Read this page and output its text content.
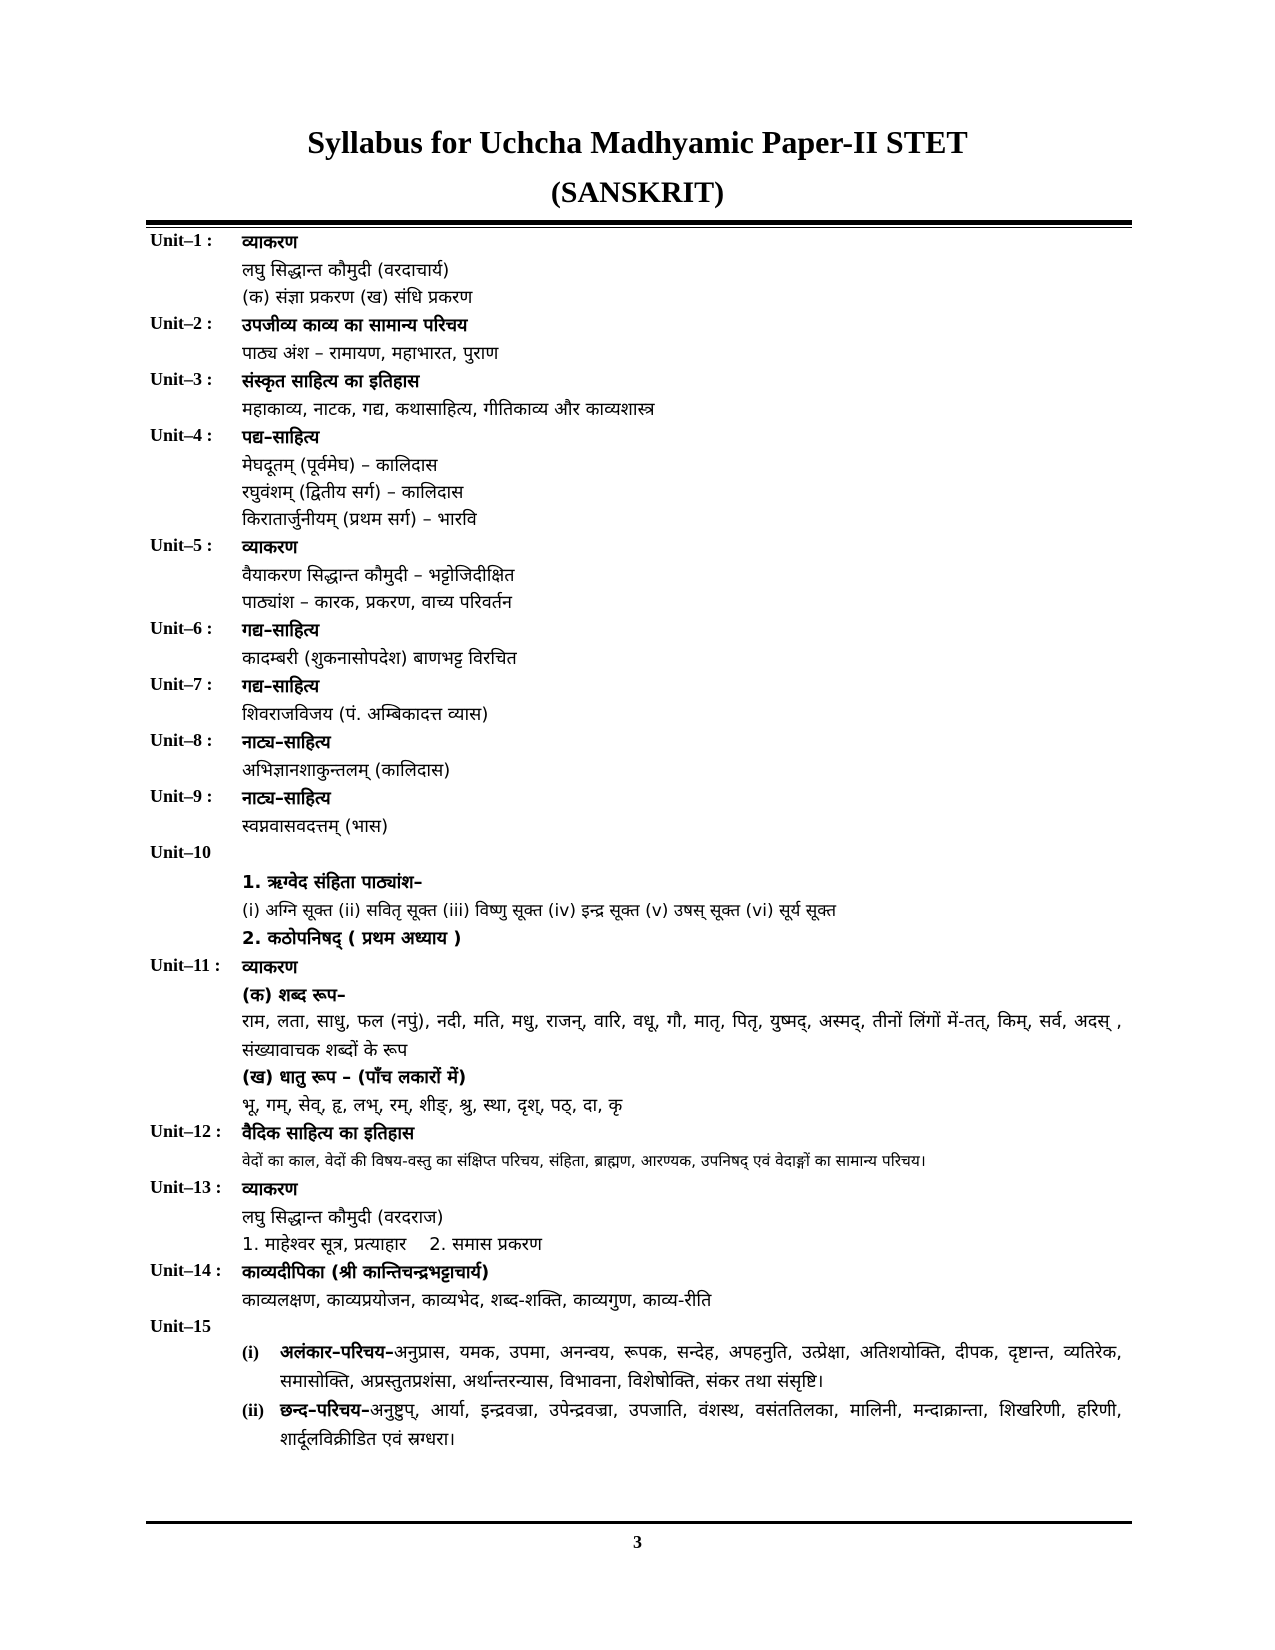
Syllabus for Uchcha Madhyamic Paper-II STET
(SANSKRIT)
Unit–1 : व्याकरण
लघु सिद्धान्त कौमुदी (वरदाचार्य)
(क) संज्ञा प्रकरण (ख) संधि प्रकरण
Unit–2 : उपजीव्य काव्य का सामान्य परिचय
पाठ्य अंश – रामायण, महाभारत, पुराण
Unit–3 : संस्कृत साहित्य का इतिहास
महाकाव्य, नाटक, गद्य, कथासाहित्य, गीतिकाव्य और काव्यशास्त्र
Unit–4 : पद्य–साहित्य
मेघदूतम् (पूर्वमेघ) – कालिदास
रघुवंशम् (द्वितीय सर्ग) – कालिदास
किरातार्जुनीयम् (प्रथम सर्ग) – भारवि
Unit–5 : व्याकरण
वैयाकरण सिद्धान्त कौमुदी – भट्टोजिदीक्षित
पाठ्यांश – कारक, प्रकरण, वाच्य परिवर्तन
Unit–6 : गद्य–साहित्य
कादम्बरी (शुकनासोपदेश) बाणभट्ट विरचित
Unit–7 : गद्य–साहित्य
शिवराजविजय (पं. अम्बिकादत्त व्यास)
Unit–8 : नाट्य–साहित्य
अभिज्ञानशाकुन्तलम् (कालिदास)
Unit–9 : नाट्य–साहित्य
स्वप्नवासवदत्तम् (भास)
Unit–10
1. ऋग्वेद संहिता पाठ्यांश–
(i) अग्नि सूक्त (ii) सवितृ सूक्त (iii) विष्णु सूक्त (iv) इन्द्र सूक्त (v) उषस् सूक्त (vi) सूर्य सूक्त
2. कठोपनिषद् ( प्रथम अध्याय )
Unit–11 : व्याकरण
(क) शब्द रूप–
राम, लता, साधु, फल (नपुं), नदी, मति, मधु, राजन्, वारि, वधू, गौ, मातृ, पितृ, युष्मद्, अस्मद्, तीनों लिंगों में-तत्, किम्, सर्व, अदस् , संख्यावाचक शब्दों के रूप
(ख) धातु रूप – (पाँच लकारों में)
भू, गम्, सेव्, हृ, लभ्, रम्, शीङ्, श्रु, स्था, दृश्, पठ्, दा, कृ
Unit–12 : वैदिक साहित्य का इतिहास
वेदों का काल, वेदों की विषय-वस्तु का संक्षिप्त परिचय, संहिता, ब्राह्मण, आरण्यक, उपनिषद् एवं वेदाङ्गों का सामान्य परिचय।
Unit–13 : व्याकरण
लघु सिद्धान्त कौमुदी (वरदराज)
1. माहेश्वर सूत्र, प्रत्याहार    2. समास प्रकरण
Unit–14 : काव्यदीपिका (श्री कान्तिचन्द्रभट्टाचार्य)
काव्यलक्षण, काव्यप्रयोजन, काव्यभेद, शब्द-शक्ति, काव्यगुण, काव्य-रीति
Unit–15
(i) अलंकार–परिचय–अनुप्रास, यमक, उपमा, अनन्वय, रूपक, सन्देह, अपहनुति, उत्प्रेक्षा, अतिशयोक्ति, दीपक, दृष्टान्त, व्यतिरेक, समासोक्ति, अप्रस्तुतप्रशंसा, अर्थान्तरन्यास, विभावना, विशेषोक्ति, संकर तथा संसृष्टि।
(ii) छन्द–परिचय–अनुष्टुप्, आर्या, इन्द्रवज्रा, उपेन्द्रवज्रा, उपजाति, वंशस्थ, वसंततिलका, मालिनी, मन्दाक्रान्ता, शिखरिणी, हरिणी, शार्दूलविक्रीडित एवं स्रग्धरा।
3
